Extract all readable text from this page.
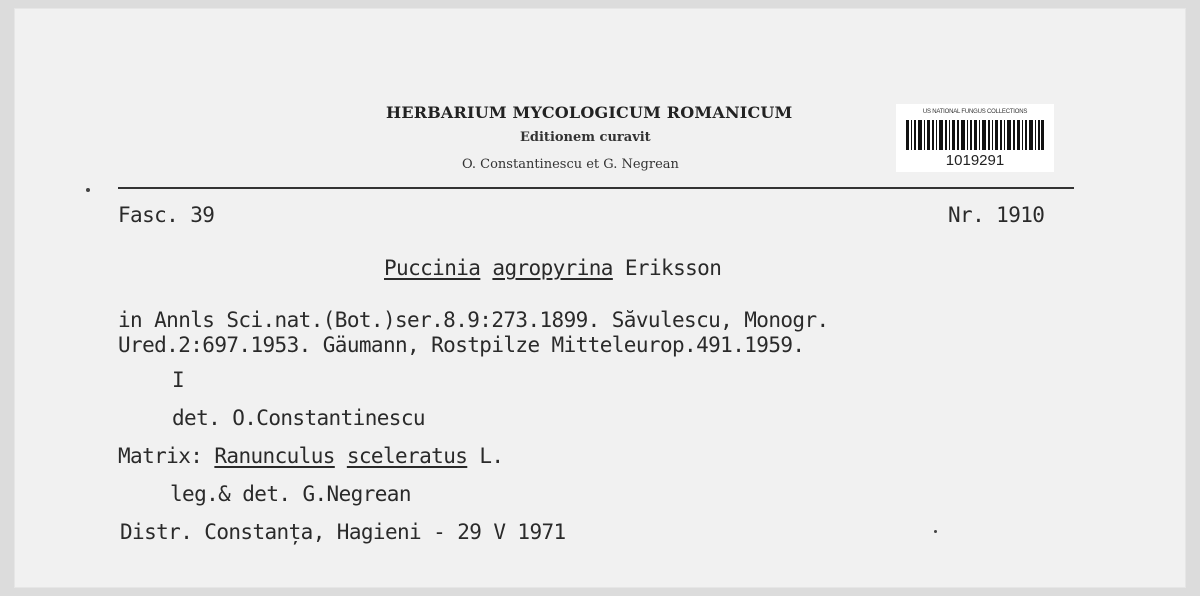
HERBARIUM MYCOLOGICUM ROMANICUM
Editionem curavit
O. Constantinescu et G. Negrean
US NATIONAL FUNGUS COLLECTIONS
1019291
Fasc. 39	Nr. 1910
Puccinia agropyrina Eriksson
in Annls Sci.nat.(Bot.)ser.8.9:273.1899. Săvulescu, Monogr.
Ured.2:697.1953. Gäumann, Rostpilze Mitteleurop.491.1959.
I
det. O.Constantinescu
Matrix: Ranunculus sceleratus L.
leg.& det. G.Negrean
Distr. Constanța, Hagieni - 29 V 1971
